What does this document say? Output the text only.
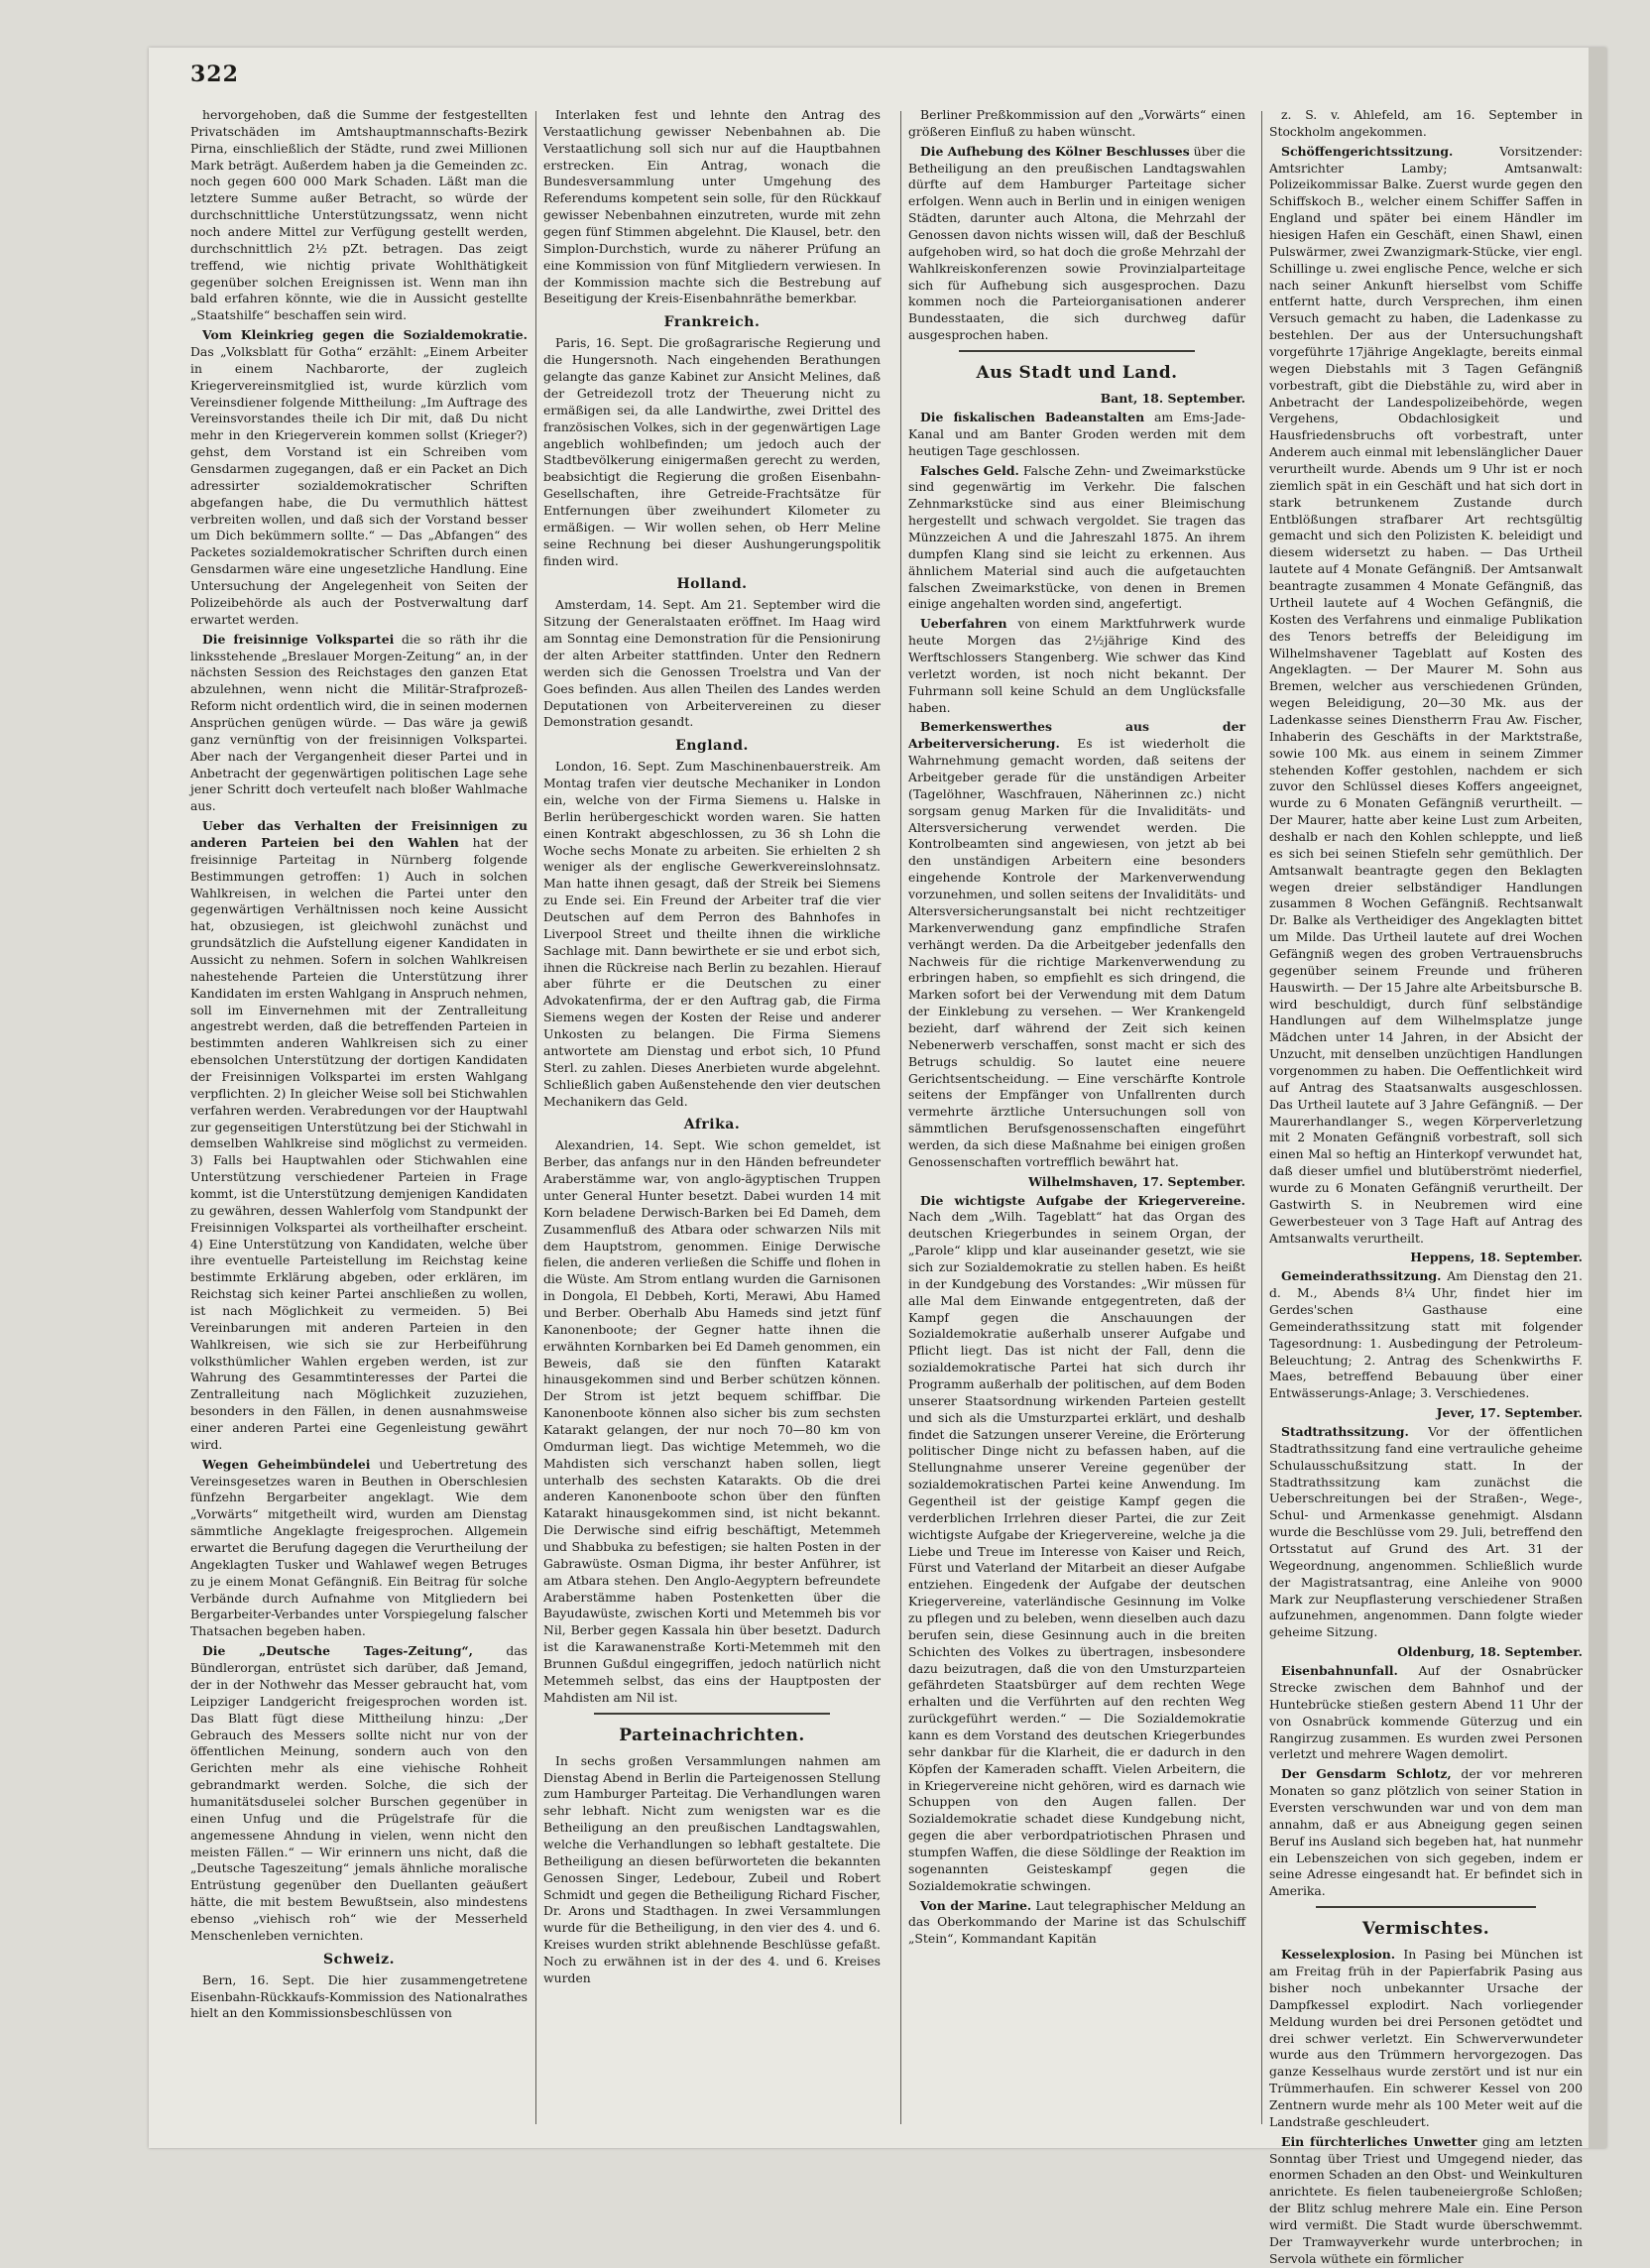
322

hervorgehoben, daß die Summe der festgestellten Privatschäden im Amtshauptmannschafts-Bezirk Pirna, einschließlich der Städte, rund zwei Millionen Mark beträgt. Außerdem haben ja die Gemeinden zc. noch gegen 600 000 Mark Schaden. Läßt man die letztere Summe außer Betracht, so würde der durchschnittliche Unterstützungssatz, wenn nicht noch andere Mittel zur Verfügung gestellt werden, durchschnittlich 2½ pZt. betragen. Das zeigt treffend, wie nichtig private Wohlthätigkeit gegenüber solchen Ereignissen ist. Wenn man ihn bald erfahren könnte, wie die in Aussicht gestellte „Staatshilfe“ beschaffen sein wird.

Vom Kleinkrieg gegen die Sozialdemokratie. Das „Volksblatt für Gotha“ erzählt: „Einem Arbeiter in einem Nachbarorte, der zugleich Kriegervereinsmitglied ist, wurde kürzlich vom Vereinsdiener folgende Mittheilung: „Im Auftrage des Vereinsvorstandes theile ich Dir mit, daß Du nicht mehr in den Kriegerverein kommen sollst (Krieger?) gehst, dem Vorstand ist ein Schreiben vom Gensdarmen zugegangen, daß er ein Packet an Dich adressirter sozialdemokratischer Schriften abgefangen habe, die Du vermuthlich hättest verbreiten wollen, und daß sich der Vorstand besser um Dich bekümmern sollte.“ — Das „Abfangen“ des Packetes sozialdemokratischer Schriften durch einen Gensdarmen wäre eine ungesetzliche Handlung. Eine Untersuchung der Angelegenheit von Seiten der Polizeibehörde als auch der Postverwaltung darf erwartet werden.

Die freisinnige Volkspartei die so räth ihr die linksstehende „Breslauer Morgen-Zeitung“ an, in der nächsten Session des Reichstages den ganzen Etat abzulehnen, wenn nicht die Militär-Strafprozeß-Reform nicht ordentlich wird, die in seinen modernen Ansprüchen genügen würde. — Das wäre ja gewiß ganz vernünftig von der freisinnigen Volkspartei. Aber nach der Vergangenheit dieser Partei und in Anbetracht der gegenwärtigen politischen Lage sehe jener Schritt doch verteufelt nach bloßer Wahlmache aus.

Ueber das Verhalten der Freisinnigen zu anderen Parteien bei den Wahlen hat der freisinnige Parteitag in Nürnberg folgende Bestimmungen getroffen: 1) Auch in solchen Wahlkreisen, in welchen die Partei unter den gegenwärtigen Verhältnissen noch keine Aussicht hat, obzusiegen, ist gleichwohl zunächst und grundsätzlich die Aufstellung eigener Kandidaten in Aussicht zu nehmen. Sofern in solchen Wahlkreisen nahestehende Parteien die Unterstützung ihrer Kandidaten im ersten Wahlgang in Anspruch nehmen, soll im Einvernehmen mit der Zentralleitung angestrebt werden, daß die betreffenden Parteien in bestimmten anderen Wahlkreisen sich zu einer ebensolchen Unterstützung der dortigen Kandidaten der Freisinnigen Volkspartei im ersten Wahlgang verpflichten. 2) In gleicher Weise soll bei Stichwahlen verfahren werden. Verabredungen vor der Hauptwahl zur gegenseitigen Unterstützung bei der Stichwahl in demselben Wahlkreise sind möglichst zu vermeiden. 3) Falls bei Hauptwahlen oder Stichwahlen eine Unterstützung verschiedener Parteien in Frage kommt, ist die Unterstützung demjenigen Kandidaten zu gewähren, dessen Wahlerfolg vom Standpunkt der Freisinnigen Volkspartei als vortheilhafter erscheint. 4) Eine Unterstützung von Kandidaten, welche über ihre eventuelle Parteistellung im Reichstag keine bestimmte Erklärung abgeben, oder erklären, im Reichstag sich keiner Partei anschließen zu wollen, ist nach Möglichkeit zu vermeiden. 5) Bei Vereinbarungen mit anderen Parteien in den Wahlkreisen, wie sich sie zur Herbeiführung volksthümlicher Wahlen ergeben werden, ist zur Wahrung des Gesammtinteresses der Partei die Zentralleitung nach Möglichkeit zuzuziehen, besonders in den Fällen, in denen ausnahmsweise einer anderen Partei eine Gegenleistung gewährt wird.

Wegen Geheimbündelei und Uebertretung des Vereinsgesetzes waren in Beuthen in Oberschlesien fünfzehn Bergarbeiter angeklagt. Wie dem „Vorwärts“ mitgetheilt wird, wurden am Dienstag sämmtliche Angeklagte freigesprochen. Allgemein erwartet die Berufung dagegen die Verurtheilung der Angeklagten Tusker und Wahlawef wegen Betruges zu je einem Monat Gefängniß. Ein Beitrag für solche Verbände durch Aufnahme von Mitgliedern bei Bergarbeiter-Verbandes unter Vorspiegelung falscher Thatsachen begeben haben.

Die „Deutsche Tages-Zeitung“,	das Bündlerorgan, entrüstet sich darüber, daß Jemand, der in der Nothwehr das Messer gebraucht hat, vom Leipziger Landgericht freigesprochen worden ist. Das Blatt fügt diese Mittheilung hinzu: „Der Gebrauch des Messers sollte nicht nur von der öffentlichen Meinung, sondern auch von den Gerichten mehr als eine viehische Rohheit gebrandmarkt werden. Solche, die sich der humanitätsduselei solcher Burschen gegenüber in einen Unfug und die Prügelstrafe für die angemessene Ahndung in vielen, wenn nicht den meisten Fällen.“ — Wir erinnern uns nicht, daß die „Deutsche Tageszeitung“ jemals ähnliche moralische Entrüstung gegenüber den Duellanten geäußert hätte, die mit bestem Bewußtsein, also mindestens ebenso „viehisch roh“ wie der Messerheld Menschenleben vernichten.

Schweiz.

Bern, 16. Sept. Die hier zusammengetretene Eisenbahn-Rückkaufs-Kommission des Nationalrathes hielt an den Kommissionsbeschlüssen von

Interlaken fest und lehnte den Antrag des Verstaatlichung gewisser Nebenbahnen ab. Die Verstaatlichung soll sich nur auf die Hauptbahnen erstrecken. Ein Antrag, wonach die Bundesversammlung unter Umgehung des Referendums kompetent sein solle, für den Rückkauf gewisser Nebenbahnen einzutreten, wurde mit zehn gegen fünf Stimmen abgelehnt. Die Klausel, betr. den Simplon-Durchstich, wurde zu näherer Prüfung an eine Kommission von fünf Mitgliedern verwiesen. In der Kommission machte sich die Bestrebung auf Beseitigung der Kreis-Eisenbahnräthe bemerkbar.

Frankreich.

Paris, 16. Sept. Die großagrarische Regierung und die Hungersnoth. Nach eingehenden Berathungen gelangte das ganze Kabinet zur Ansicht Melines, daß der Getreidezoll trotz der Theuerung nicht zu ermäßigen sei, da alle Landwirthe, zwei Drittel des französischen Volkes, sich in der gegenwärtigen Lage angeblich wohlbefinden; um jedoch auch der Stadtbevölkerung einigermaßen gerecht zu werden, beabsichtigt die Regierung die großen Eisenbahn-Gesellschaften, ihre Getreide-Frachtsätze für Entfernungen über zweihundert Kilometer zu ermäßigen. — Wir wollen sehen, ob Herr Meline seine Rechnung bei dieser Aushungerungspolitik finden wird.

Holland.

Amsterdam, 14. Sept. Am 21. September wird die Sitzung der Generalstaaten eröffnet. Im Haag wird am Sonntag eine Demonstration für die Pensionirung der alten Arbeiter stattfinden. Unter den Rednern werden sich die Genossen Troelstra und Van der Goes befinden. Aus allen Theilen des Landes werden Deputationen von Arbeitervereinen zu dieser Demonstration gesandt.

England.

London, 16. Sept. Zum Maschinenbauerstreik. Am Montag trafen vier deutsche Mechaniker in London ein, welche von der Firma Siemens u. Halske in Berlin herübergeschickt worden waren. Sie hatten einen Kontrakt abgeschlossen, zu 36 sh Lohn die Woche sechs Monate zu arbeiten. Sie erhielten 2 sh weniger als der englische Gewerkvereinslohnsatz. Man hatte ihnen gesagt, daß der Streik bei Siemens zu Ende sei. Ein Freund der Arbeiter traf die vier Deutschen auf dem Perron des Bahnhofes in Liverpool Street und theilte ihnen die wirkliche Sachlage mit. Dann bewirthete er sie und erbot sich, ihnen die Rückreise nach Berlin zu bezahlen. Hierauf aber führte er die Deutschen zu einer Advokatenfirma, der er den Auftrag gab, die Firma Siemens wegen der Kosten der Reise und anderer Unkosten zu belangen. Die Firma Siemens antwortete am Dienstag und erbot sich, 10 Pfund Sterl. zu zahlen. Dieses Anerbieten wurde abgelehnt. Schließlich gaben Außenstehende den vier deutschen Mechanikern das Geld.

Afrika.

Alexandrien, 14. Sept. Wie schon gemeldet, ist Berber, das anfangs nur in den Händen befreundeter Araberstämme war, von anglo-ägyptischen Truppen unter General Hunter besetzt. Dabei wurden 14 mit Korn beladene Derwisch-Barken bei Ed Dameh, dem Zusammenfluß des Atbara oder schwarzen Nils mit dem Hauptstrom, genommen. Einige Derwische fielen, die anderen verließen die Schiffe und flohen in die Wüste. Am Strom entlang wurden die Garnisonen in Dongola, El Debbeh, Korti, Merawi, Abu Hamed und Berber. Oberhalb Abu Hameds sind jetzt fünf Kanonenboote; der Gegner hatte ihnen die erwähnten Kornbarken bei Ed Dameh genommen, ein Beweis, daß sie den fünften Katarakt hinausgekommen sind und Berber schützen können. Der Strom ist jetzt bequem schiffbar. Die Kanonenboote können also sicher bis zum sechsten Katarakt gelangen, der nur noch 70—80 km von Omdurman liegt. Das wichtige Metemmeh, wo die Mahdisten sich verschanzt haben sollen, liegt unterhalb des sechsten Katarakts. Ob die drei anderen Kanonenboote schon über den fünften Katarakt hinausgekommen sind, ist nicht bekannt. Die Derwische sind eifrig beschäftigt, Metemmeh und Shabbuka zu befestigen; sie halten Posten in der Gabrawüste. Osman Digma, ihr bester Anführer, ist am Atbara stehen. Den Anglo-Aegyptern befreundete Araberstämme haben Postenketten über die Bayudawüste, zwischen Korti und Metemmeh bis vor Nil, Berber gegen Kassala hin über besetzt. Dadurch ist die Karawanenstraße Korti-Metemmeh mit den Brunnen Gußdul eingegriffen, jedoch natürlich nicht Metemmeh selbst, das eins der Hauptposten der Mahdisten am Nil ist.

Parteinachrichten.

In sechs großen Versammlungen nahmen am Dienstag Abend in Berlin die Parteigenossen Stellung zum Hamburger Parteitag. Die Verhandlungen waren sehr lebhaft. Nicht zum wenigsten war es die Betheiligung an den preußischen Landtagswahlen, welche die Verhandlungen so lebhaft gestaltete. Die Betheiligung an diesen befürworteten die bekannten Genossen Singer, Ledebour, Zubeil und Robert Schmidt und gegen die Betheiligung Richard Fischer, Dr. Arons und Stadthagen. In zwei Versammlungen wurde für die Betheiligung, in den vier des 4. und 6. Kreises wurden strikt ablehnende Beschlüsse gefaßt. Noch zu erwähnen ist in der des 4. und 6. Kreises wurden

Berliner Preßkommission auf den „Vorwärts“ einen größeren Einfluß zu haben wünscht.

Die Aufhebung des Kölner Beschlusses über die Betheiligung an den preußischen Landtagswahlen dürfte auf dem Hamburger Parteitage sicher erfolgen. Wenn auch in Berlin und in einigen wenigen Städten, darunter auch Altona, die Mehrzahl der Genossen davon nichts wissen will, daß der Beschluß aufgehoben wird, so hat doch die große Mehrzahl der Wahlkreiskonferenzen sowie Provinzialparteitage sich für Aufhebung sich ausgesprochen. Dazu kommen noch die Parteiorganisationen anderer Bundesstaaten, die sich durchweg dafür ausgesprochen haben.

Aus Stadt und Land.
Bant, 18. September.

Die fiskalischen Badeanstalten am Ems-Jade-Kanal und am Banter Groden werden mit dem heutigen Tage geschlossen.

Falsches Geld. Falsche Zehn- und Zweimarkstücke sind gegenwärtig im Verkehr. Die falschen Zehnmarkstücke sind aus einer Bleimischung hergestellt und schwach vergoldet. Sie tragen das Münzzeichen A und die Jahreszahl 1875. An ihrem dumpfen Klang sind sie leicht zu erkennen. Aus ähnlichem Material sind auch die aufgetauchten falschen Zweimarkstücke, von denen in Bremen einige angehalten worden sind, angefertigt.

Ueberfahren von einem Marktfuhrwerk wurde heute Morgen das 2½jährige Kind des Werftschlossers Stangenberg. Wie schwer das Kind verletzt worden, ist noch nicht bekannt. Der Fuhrmann soll keine Schuld an dem Unglücksfalle haben.

Bemerkenswerthes aus der Arbeiterversicherung. Es ist wiederholt die Wahrnehmung gemacht worden, daß seitens der Arbeitgeber gerade für die unständigen Arbeiter (Tagelöhner, Waschfrauen, Näherinnen zc.) nicht sorgsam genug Marken für die Invaliditäts- und Altersversicherung verwendet werden. Die Kontrolbeamten sind angewiesen, von jetzt ab bei den unständigen Arbeitern eine besonders eingehende Kontrole der Markenverwendung vorzunehmen, und sollen seitens der Invaliditäts- und Altersversicherungsanstalt bei nicht rechtzeitiger Markenverwendung ganz empfindliche Strafen verhängt werden. Da die Arbeitgeber jedenfalls den Nachweis für die richtige Markenverwendung zu erbringen haben, so empfiehlt es sich dringend, die Marken sofort bei der Verwendung mit dem Datum der Einklebung zu versehen. — Wer Krankengeld bezieht, darf während der Zeit sich keinen Nebenerwerb verschaffen, sonst macht er sich des Betrugs schuldig. So lautet eine neuere Gerichtsentscheidung. — Eine verschärfte Kontrole seitens der Empfänger von Unfallrenten durch vermehrte ärztliche Untersuchungen soll von sämmtlichen Berufsgenossenschaften eingeführt werden, da sich diese Maßnahme bei einigen großen Genossenschaften vortrefflich bewährt hat.

Wilhelmshaven, 17. September.

Die wichtigste Aufgabe der Kriegervereine. Nach dem „Wilh. Tageblatt“ hat das Organ des deutschen Kriegerbundes in seinem Organ, der „Parole“ klipp und klar auseinander gesetzt, wie sie sich zur Sozialdemokratie zu stellen haben. Es heißt in der Kundgebung des Vorstandes: „Wir müssen für alle Mal dem Einwande entgegentreten, daß der Kampf gegen die Anschauungen der Sozialdemokratie außerhalb unserer Aufgabe und Pflicht liegt. Das ist nicht der Fall, denn die sozialdemokratische Partei hat sich durch ihr Programm außerhalb der politischen, auf dem Boden unserer Staatsordnung wirkenden Parteien gestellt und sich als die Umsturzpartei erklärt, und deshalb findet die Satzungen unserer Vereine, die Erörterung politischer Dinge nicht zu befassen haben, auf die Stellungnahme unserer Vereine gegenüber der sozialdemokratischen Partei keine Anwendung. Im Gegentheil ist der geistige Kampf gegen die verderblichen Irrlehren dieser Partei, die zur Zeit wichtigste Aufgabe der Kriegervereine, welche ja die Liebe und Treue im Interesse von Kaiser und Reich, Fürst und Vaterland der Mitarbeit an dieser Aufgabe entziehen. Eingedenk der Aufgabe der deutschen Kriegervereine, vaterländische Gesinnung im Volke zu pflegen und zu beleben, wenn dieselben auch dazu berufen sein, diese Gesinnung auch in die breiten Schichten des Volkes zu übertragen, insbesondere dazu beizutragen, daß die von den Umsturzparteien gefährdeten Staatsbürger auf dem rechten Wege erhalten und die Verführten auf den rechten Weg zurückgeführt werden.“ — Die Sozialdemokratie kann es dem Vorstand des deutschen Kriegerbundes sehr dankbar für die Klarheit, die er dadurch in den Köpfen der Kameraden schafft. Vielen Arbeitern, die in Kriegervereine nicht gehören, wird es darnach wie Schuppen von den Augen fallen. Der Sozialdemokratie schadet diese Kundgebung nicht, gegen die aber verbordpatriotischen Phrasen und stumpfen Waffen, die diese Söldlinge der Reaktion im sogenannten Geisteskampf gegen die Sozialdemokratie schwingen.

Von der Marine. Laut telegraphischer Meldung an das Oberkommando der Marine ist das Schulschiff „Stein“, Kommandant Kapitän

z. S. v. Ahlefeld, am 16. September in Stockholm angekommen.

Schöffengerichtssitzung.	Vorsitzender: Amtsrichter Lamby; Amtsanwalt: Polizeikommissar Balke. Zuerst wurde gegen den Schiffskoch B., welcher einem Schiffer Saffen in England und später bei einem Händler im hiesigen Hafen ein Geschäft, einen Shawl, einen Pulswärmer, zwei Zwanzigmark-Stücke, vier engl. Schillinge u. zwei englische Pence, welche er sich nach seiner Ankunft hierselbst vom Schiffe entfernt hatte, durch Versprechen, ihm einen Versuch gemacht zu haben, die Ladenkasse zu bestehlen. Der aus der Untersuchungshaft vorgeführte 17jährige Angeklagte, bereits einmal wegen Diebstahls mit 3 Tagen Gefängniß vorbestraft, gibt die Diebstähle zu, wird aber in Anbetracht der Landespolizeibehörde, wegen Vergehens, Obdachlosigkeit und Hausfriedensbruchs oft vorbestraft, unter Anderem auch einmal mit lebenslänglicher Dauer verurtheilt wurde. Abends um 9 Uhr ist er noch ziemlich spät in ein Geschäft und hat sich dort in stark betrunkenem Zustande durch Entblößungen strafbarer Art rechtsgültig gemacht und sich den Polizisten K. beleidigt und diesem widersetzt zu haben. — Das Urtheil lautete auf 4 Monate Gefängniß. Der Amtsanwalt beantragte zusammen 4 Monate Gefängniß, das Urtheil lautete auf 4 Wochen Gefängniß, die Kosten des Verfahrens und einmalige Publikation des Tenors betreffs der Beleidigung im Wilhelmshavener Tageblatt auf Kosten des Angeklagten. — Der Maurer M. Sohn aus Bremen, welcher aus verschiedenen Gründen, wegen Beleidigung, 20—30 Mk. aus der Ladenkasse seines Dienstherrn Frau Aw. Fischer, Inhaberin des Geschäfts in der Marktstraße, sowie 100 Mk. aus einem in seinem Zimmer stehenden Koffer gestohlen, nachdem er sich zuvor den Schlüssel dieses Koffers angeeignet, wurde zu 6 Monaten Gefängniß verurtheilt. — Der Maurer, hatte aber keine Lust zum Arbeiten, deshalb er nach den Kohlen schleppte, und ließ es sich bei seinen Stiefeln sehr gemüthlich. Der Amtsanwalt beantragte gegen den Beklagten wegen dreier selbständiger Handlungen zusammen 8 Wochen Gefängniß. Rechtsanwalt Dr. Balke als Vertheidiger des Angeklagten bittet um Milde. Das Urtheil lautete auf drei Wochen Gefängniß wegen des groben Vertrauensbruchs gegenüber seinem Freunde und früheren Hauswirth. — Der 15 Jahre alte Arbeitsbursche B. wird beschuldigt, durch fünf selbständige Handlungen auf dem Wilhelmsplatze junge Mädchen unter 14 Jahren, in der Absicht der Unzucht, mit denselben unzüchtigen Handlungen vorgenommen zu haben. Die Oeffentlichkeit wird auf Antrag des Staatsanwalts ausgeschlossen. Das Urtheil lautete auf 3 Jahre Gefängniß. — Der Maurerhandlanger S., wegen Körperverletzung mit 2 Monaten Gefängniß vorbestraft, soll sich einen Mal so heftig an Hinterkopf verwundet hat, daß dieser umfiel und blutüberströmt niederfiel, wurde zu 6 Monaten Gefängniß verurtheilt. Der Gastwirth S. in Neubremen wird eine Gewerbesteuer von 3 Tage Haft auf Antrag des Amtsanwalts verurtheilt.

Heppens, 18. September.

Gemeinderathssitzung. Am Dienstag den 21. d. M., Abends 8¼ Uhr, findet hier im Gerdes'schen Gasthause eine Gemeinderathssitzung statt mit folgender Tagesordnung: 1. Ausbedingung der Petroleum-Beleuchtung; 2. Antrag des Schenkwirths F. Maes, betreffend Bebauung über einer Entwässerungs-Anlage; 3. Verschiedenes.

Jever, 17. September.

Stadtrathssitzung. Vor der öffentlichen Stadtrathssitzung fand eine vertrauliche geheime Schulausschußsitzung statt. In der Stadtrathssitzung kam zunächst die Ueberschreitungen bei der Straßen-, Wege-, Schul- und Armenkasse genehmigt. Alsdann wurde die Beschlüsse vom 29. Juli, betreffend den Ortsstatut auf Grund des Art. 31 der Wegeordnung, angenommen. Schließlich wurde der Magistratsantrag, eine Anleihe von 9000 Mark zur Neupflasterung verschiedener Straßen aufzunehmen, angenommen. Dann folgte wieder geheime Sitzung.

Oldenburg, 18. September.

Eisenbahnunfall. Auf der Osnabrücker Strecke zwischen dem Bahnhof und der Huntebrücke stießen gestern Abend 11 Uhr der von Osnabrück kommende Güterzug und ein Rangirzug zusammen. Es wurden zwei Personen verletzt und mehrere Wagen demolirt.

Der Gensdarm Schlotz, der vor mehreren Monaten so ganz plötzlich von seiner Station in Eversten verschwunden war und von dem man annahm, daß er aus Abneigung gegen seinen Beruf ins Ausland sich begeben hat, hat nunmehr ein Lebenszeichen von sich gegeben, indem er seine Adresse eingesandt hat. Er befindet sich in Amerika.

Vermischtes.

Kesselexplosion. In Pasing bei München ist am Freitag früh in der Papierfabrik Pasing aus bisher noch unbekannter Ursache der Dampfkessel explodirt. Nach vorliegender Meldung wurden bei drei Personen getödtet und drei schwer verletzt. Ein Schwerverwundeter wurde aus den Trümmern hervorgezogen. Das ganze Kesselhaus wurde zerstört und ist nur ein Trümmerhaufen. Ein schwerer Kessel von 200 Zentnern wurde mehr als 100 Meter weit auf die Landstraße geschleudert.

Ein fürchterliches Unwetter ging am letzten Sonntag über Triest und Umgegend nieder, das enormen Schaden an den Obst- und Weinkulturen anrichtete. Es fielen taubeneiergroße Schloßen; der Blitz schlug mehrere Male ein. Eine Person wird vermißt. Die Stadt wurde überschwemmt. Der Tramwayverkehr wurde unterbrochen; in Servola wüthete ein förmlicher
